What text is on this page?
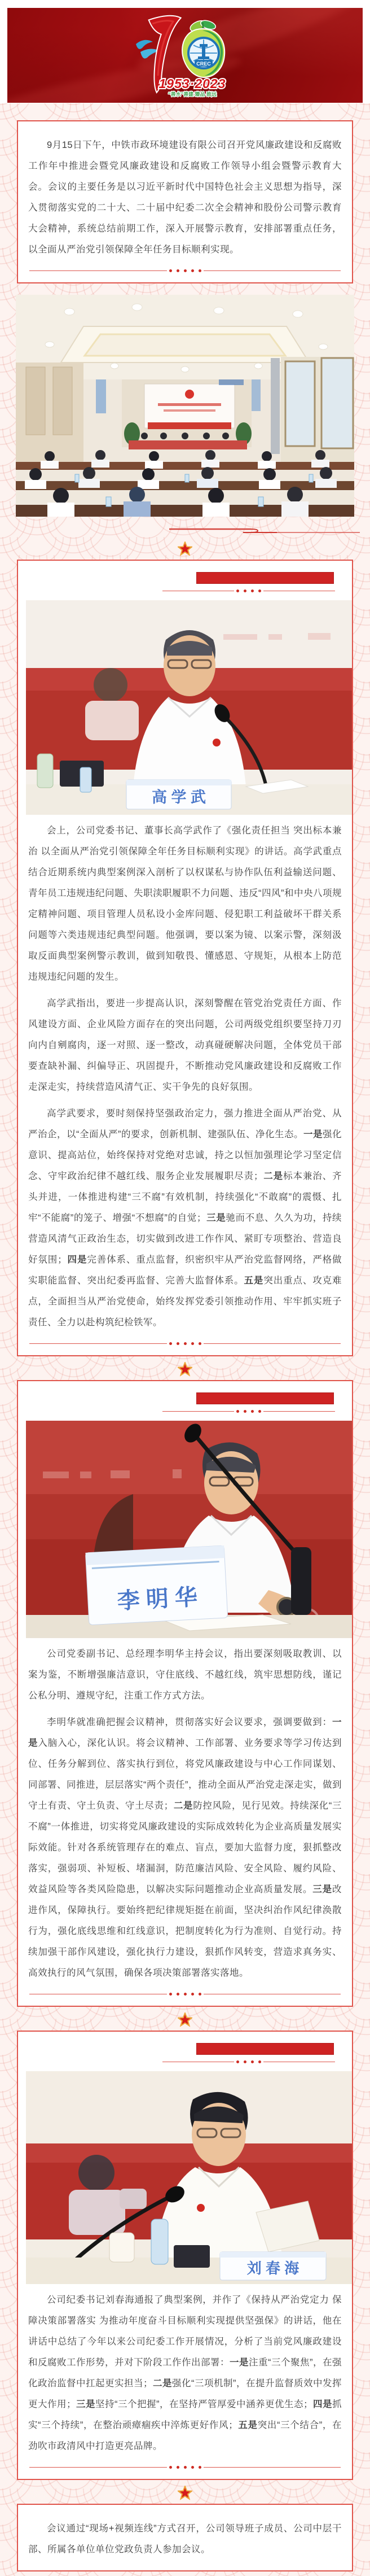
CREC
1953·2023
“善水”善建 臻品 致远

9月15日下午，中铁市政环境建设有限公司召开党风廉政建设和反腐败工作年中推进会暨党风廉政建设和反腐败工作领导小组会暨警示教育大会。会议的主要任务是以习近平新时代中国特色社会主义思想为指导，深入贯彻落实党的二十大、二十届中纪委二次全会精神和股份公司警示教育大会精神，系统总结前期工作，深入开展警示教育，安排部署重点任务，以全面从严治党引领保障全年任务目标顺利实现。

高 学 武

会上，公司党委书记、董事长高学武作了《强化责任担当 突出标本兼治 以全面从严治党引领保障全年任务目标顺利实现》的讲话。高学武重点结合近期系统内典型案例深入剖析了以权谋私与协作队伍利益输送问题、青年员工违规违纪问题、失职渎职履职不力问题、违反“四风”和中央八项规定精神问题、项目管理人员私设小金库问题、侵犯职工利益破坏干群关系问题等六类违规违纪典型问题。他强调，要以案为镜、以案示警，深刻汲取反面典型案例警示教训，做到知敬畏、懂感恩、守规矩，从根本上防范违规违纪问题的发生。

高学武指出，要进一步提高认识，深刻警醒在管党治党责任方面、作风建设方面、企业风险方面存在的突出问题，公司两级党组织要坚持刀刃向内自剜腐肉，逐一对照、逐一整改，动真碰硬解决问题，全体党员干部要查缺补漏、纠偏导正、巩固提升，不断推动党风廉政建设和反腐败工作走深走实，持续营造风清气正、实干争先的良好氛围。

高学武要求，要时刻保持坚强政治定力，强力推进全面从严治党、从严治企，以“全面从严”的要求，创新机制、建强队伍、净化生态。一是强化意识、提高站位，始终保持对党绝对忠诚，持之以恒加强理论学习坚定信念、守牢政治纪律不越红线、服务企业发展履职尽责；二是标本兼治、齐头并进，一体推进构建“三不腐”有效机制，持续强化“不敢腐”的震慑、扎牢“不能腐”的笼子、增强“不想腐”的自觉；三是驰而不息、久久为功，持续营造风清气正政治生态，切实做到改进工作作风、紧盯专项整治、营造良好氛围；四是完善体系、重点监督，织密织牢从严治党监督网络，严格做实职能监督、突出纪委再监督、完善大监督体系。五是突出重点、攻克难点，全面担当从严治党使命，始终发挥党委引领推动作用、牢牢抓实班子责任、全力以赴构筑纪检铁军。

李 明 华

公司党委副书记、总经理李明华主持会议，指出要深刻吸取教训、以案为鉴，不断增强廉洁意识，守住底线、不越红线，筑牢思想防线，谨记公私分明、遵规守纪，注重工作方式方法。

李明华就准确把握会议精神，贯彻落实好会议要求，强调要做到：一是入脑入心，深化认识。将会议精神、工作部署、业务要求等学习传达到位、任务分解到位、落实执行到位，将党风廉政建设与中心工作同谋划、同部署、同推进，层层落实“两个责任”，推动全面从严治党走深走实，做到守土有责、守土负责、守土尽责；二是防控风险，见行见效。持续深化“三不腐”一体推进，切实将党风廉政建设的实际成效转化为企业高质量发展实际效能。针对各系统管理存在的难点、盲点，要加大监督力度，狠抓整改落实，强弱项、补短板、堵漏洞，防范廉洁风险、安全风险、履约风险、效益风险等各类风险隐患，以解决实际问题推动企业高质量发展。三是改进作风，保障执行。要始终把纪律规矩挺在前面，坚决纠治作风纪律涣散行为，强化底线思维和红线意识，把制度转化为行为准则、自觉行动。持续加强干部作风建设，强化执行力建设，狠抓作风转变，营造求真务实、高效执行的风气氛围，确保各项决策部署落实落地。

刘 春 海

公司纪委书记刘春海通报了典型案例，并作了《保持从严治党定力 保障决策部署落实 为推动年度奋斗目标顺利实现提供坚强保》的讲话，他在讲话中总结了今年以来公司纪委工作开展情况，分析了当前党风廉政建设和反腐败工作形势，并对下阶段工作作出部署：一是注重“三个聚焦”，在强化政治监督中扛起更实担当；二是强化“三项机制”，在提升监督质效中发挥更大作用；三是坚持“三个把握”，在坚持严管厚爱中涵养更优生态；四是抓实“三个持续”，在整治顽瘴痼疾中淬炼更好作风；五是突出“三个结合”，在劲吹市政清风中打造更亮品牌。

会议通过“现场+视频连线”方式召开，公司领导班子成员、公司中层干部、所属各单位单位党政负责人参加会议。
